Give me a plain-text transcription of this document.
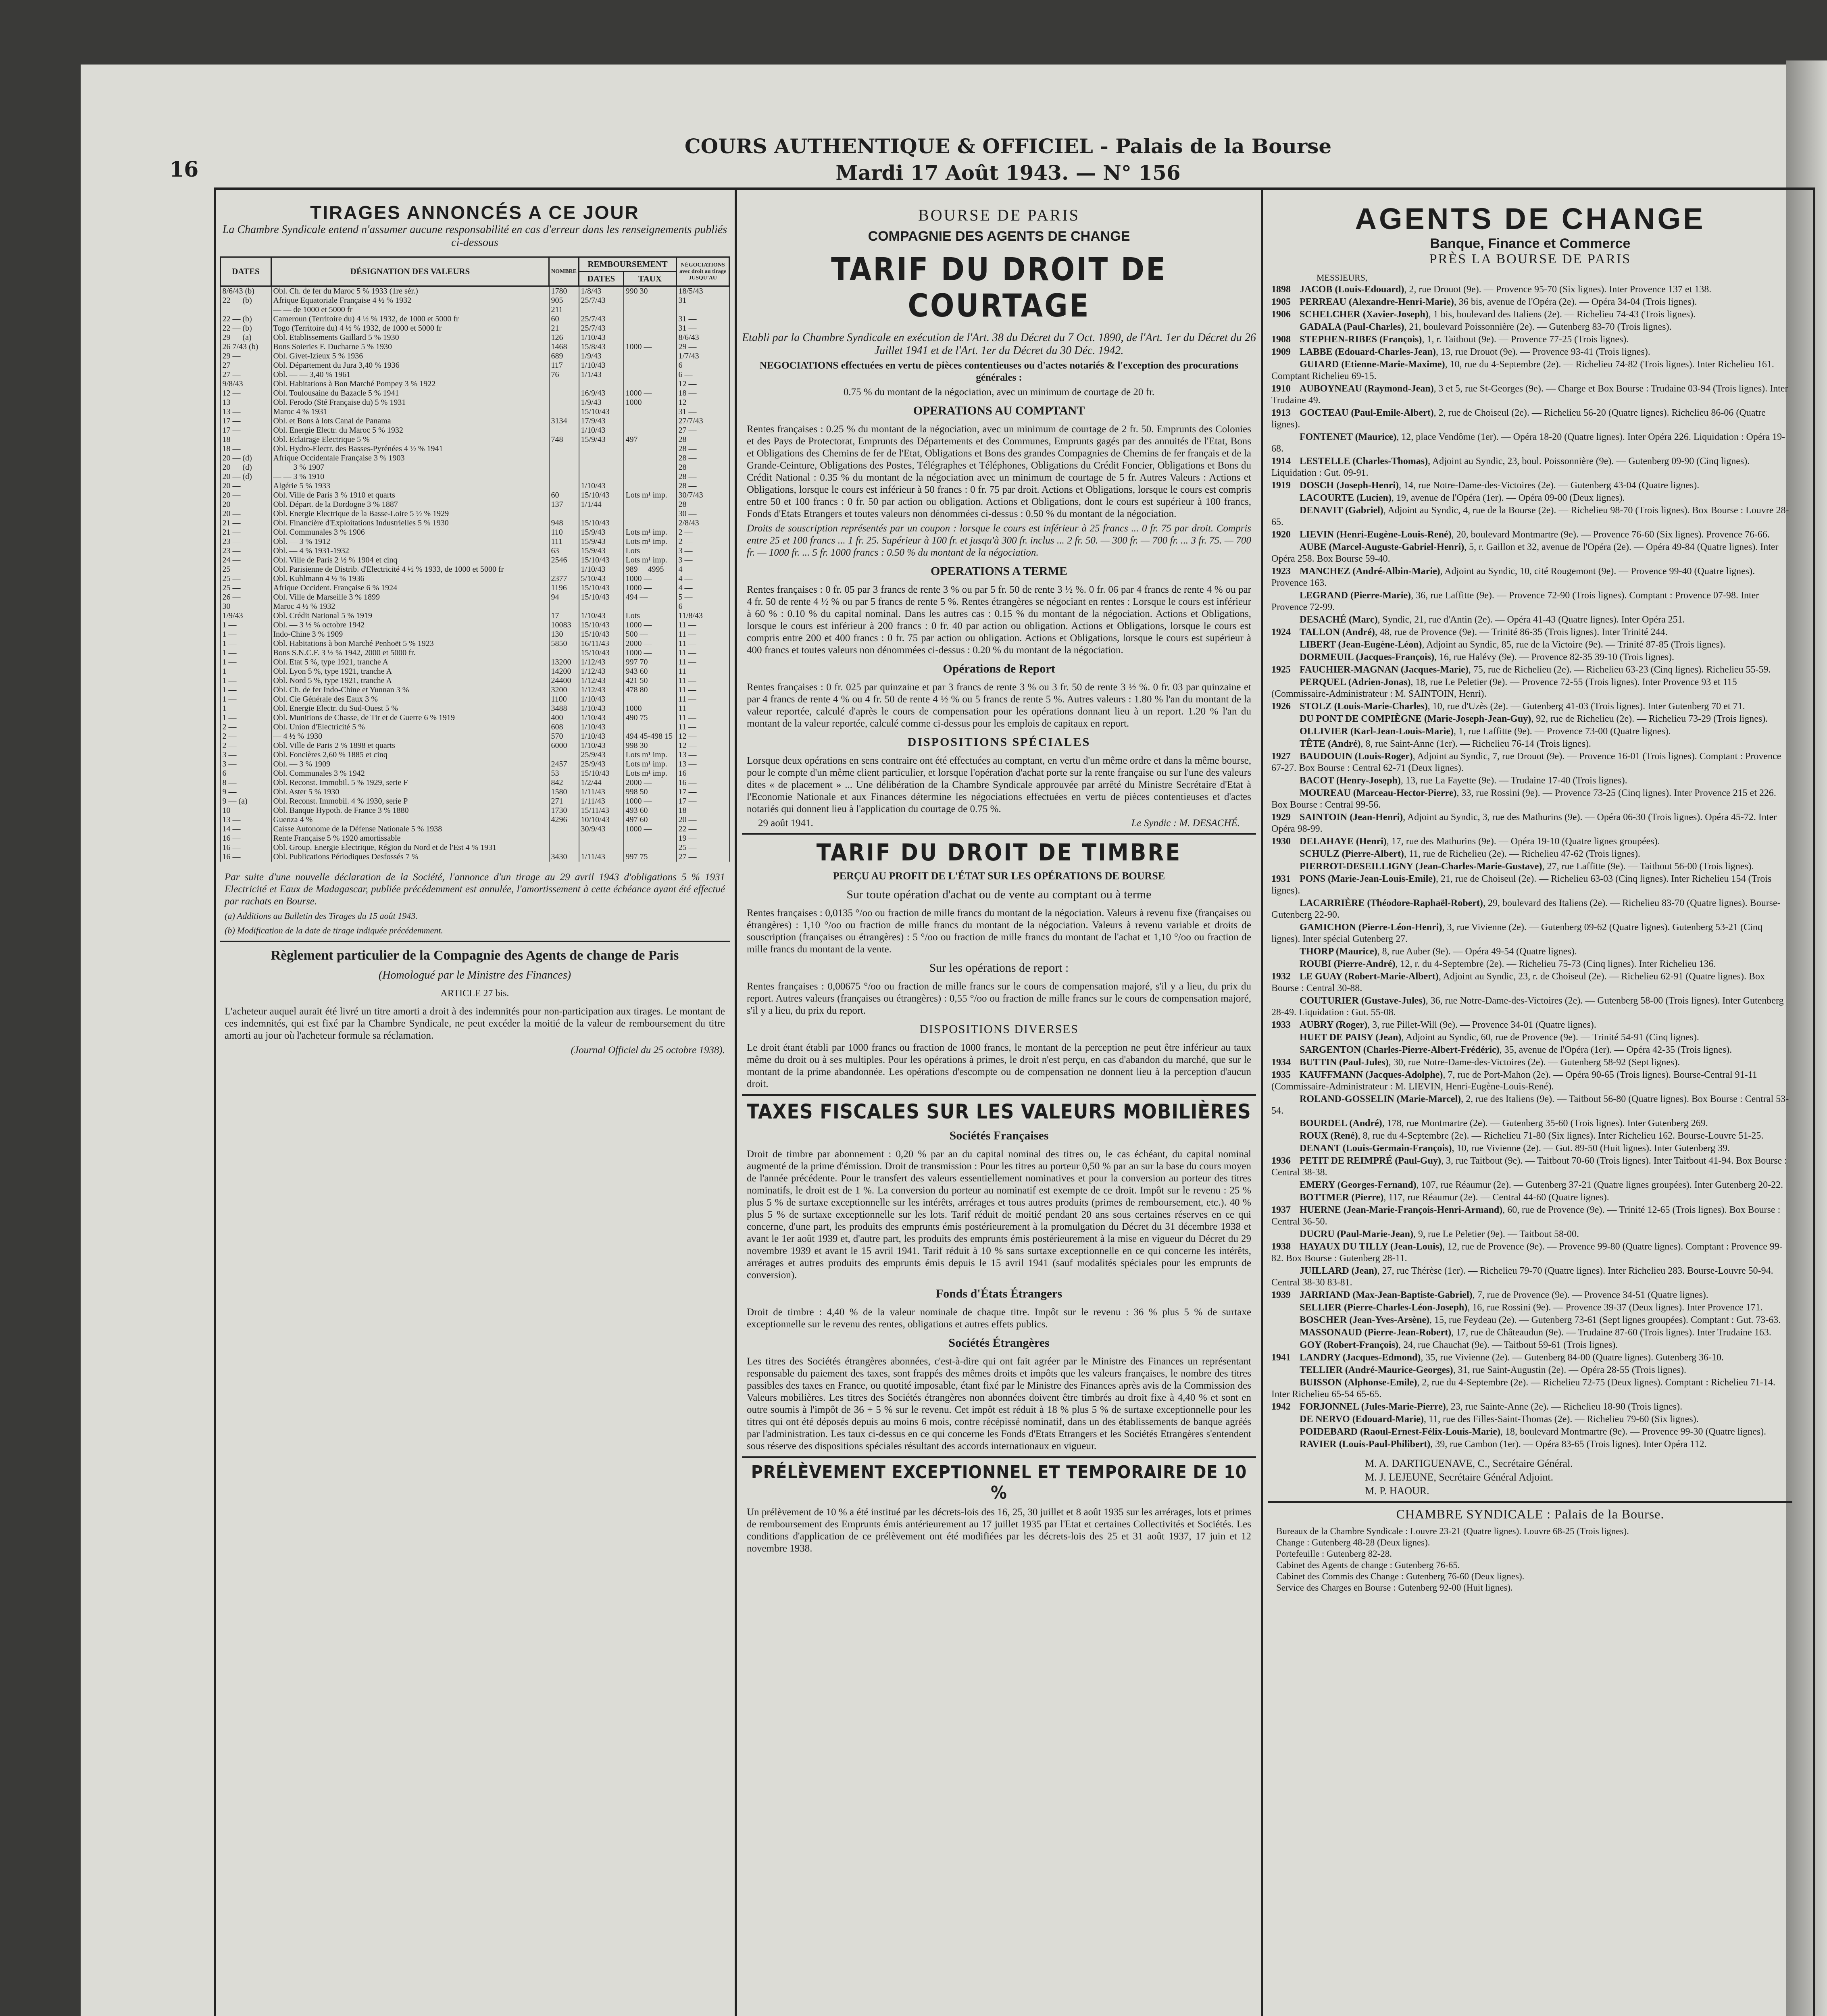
16
COURS AUTHENTIQUE & OFFICIEL - Palais de la Bourse
Mardi 17 Août 1943. — N° 156
TIRAGES ANNONCÉS A CE JOUR
La Chambre Syndicale entend n'assumer aucune responsabilité en cas d'erreur dans les renseignements publiés ci-dessous
DATES	DÉSIGNATION DES VALEURS	NOMBRE	REMBOURSEMENT		NÉGOCIATIONS avec droit au tirage JUSQU'AU
			DATES	TAUX	
8/6/43 (b)	Obl. Ch. de fer du Maroc 5 % 1933 (1re sér.)	1780	1/8/43	990 30	18/5/43
22 — (b)	Afrique Equatoriale Française 4 ½ % 1932	905	25/7/43		31 —
	— — de 1000 et 5000 fr	211			
22 — (b)	Cameroun (Territoire du) 4 ½ % 1932, de 1000 et 5000 fr	60	25/7/43		31 —
22 — (b)	Togo (Territoire du) 4 ½ % 1932, de 1000 et 5000 fr	21	25/7/43		31 —
29 — (a)	Obl. Etablissements Gaillard 5 % 1930	126	1/10/43		8/6/43
26 7/43 (b)	Bons Soieries F. Ducharne 5 % 1930	1468	15/8/43	1000 —	29 —
29 —	Obl. Givet-Izieux 5 % 1936	689	1/9/43		1/7/43
27 —	Obl. Département du Jura 3,40 % 1936	117	1/10/43		6 —
27 —	Obl. — — 3,40 % 1961	76	1/1/43		6 —
9/8/43	Obl. Habitations à Bon Marché Pompey 3 % 1922				12 —
12 —	Obl. Toulousaine du Bazacle 5 % 1941		16/9/43	1000 —	18 —
13 —	Obl. Ferodo (Sté Française du) 5 % 1931		1/9/43	1000 —	12 —
13 —	Maroc 4 % 1931		15/10/43		31 —
17 —	Obl. et Bons à lots Canal de Panama	3134	17/9/43		27/7/43
17 —	Obl. Energie Electr. du Maroc 5 % 1932		1/10/43		27 —
18 —	Obl. Eclairage Electrique 5 %	748	15/9/43	497 —	28 —
18 —	Obl. Hydro-Electr. des Basses-Pyrénées 4 ½ % 1941				28 —
20 — (d)	Afrique Occidentale Française 3 % 1903				28 —
20 — (d)	— — 3 % 1907				28 —
20 — (d)	— — 3 % 1910				28 —
20 —	Algérie 5 % 1933		1/10/43		28 —
20 —	Obl. Ville de Paris 3 % 1910 et quarts	60	15/10/43	Lots m¹ imp.	30/7/43
20 —	Obl. Départ. de la Dordogne 3 % 1887	137	1/1/44		28 —
20 —	Obl. Energie Electrique de la Basse-Loire 5 ½ % 1929				30 —
21 —	Obl. Financière d'Exploitations Industrielles 5 % 1930	948	15/10/43		2/8/43
21 —	Obl. Communales 3 % 1906	110	15/9/43	Lots m¹ imp.	2 —
23 —	Obl. — 3 % 1912	111	15/9/43	Lots m¹ imp.	2 —
23 —	Obl. — 4 % 1931-1932	63	15/9/43	Lots	3 —
24 —	Obl. Ville de Paris 2 ½ % 1904 et cinq	2546	15/10/43	Lots m¹ imp.	3 —
25 —	Obl. Parisienne de Distrib. d'Electricité 4 ½ % 1933, de 1000 et 5000 fr		1/10/43	989 —4995 —	4 —
25 —	Obl. Kuhlmann 4 ½ % 1936	2377	5/10/43	1000 —	4 —
25 —	Afrique Occident. Française 6 % 1924	1196	15/10/43	1000 —	4 —
26 —	Obl. Ville de Marseille 3 % 1899	94	15/10/43	494 —	5 —
30 —	Maroc 4 ½ % 1932				6 —
1/9/43	Obl. Crédit National 5 % 1919	17	1/10/43	Lots	11/8/43
1 —	Obl. — 3 ½ % octobre 1942	10083	15/10/43	1000 —	11 —
1 —	Indo-Chine 3 % 1909	130	15/10/43	500 —	11 —
1 —	Obl. Habitations à bon Marché Penhoët 5 % 1923	5850	16/11/43	2000 —	11 —
1 —	Bons S.N.C.F. 3 ½ % 1942, 2000 et 5000 fr.		15/10/43	1000 —	11 —
1 —	Obl. Etat 5 %, type 1921, tranche A	13200	1/12/43	997 70	11 —
1 —	Obl. Lyon 5 %, type 1921, tranche A	14200	1/12/43	943 60	11 —
1 —	Obl. Nord 5 %, type 1921, tranche A	24400	1/12/43	421 50	11 —
1 —	Obl. Ch. de fer Indo-Chine et Yunnan 3 %	3200	1/12/43	478 80	11 —
1 —	Obl. Cie Générale des Eaux 3 %	1100	1/10/43		11 —
1 —	Obl. Energie Electr. du Sud-Ouest 5 %	3488	1/10/43	1000 —	11 —
1 —	Obl. Munitions de Chasse, de Tir et de Guerre 6 % 1919	400	1/10/43	490 75	11 —
2 —	Obl. Union d'Electricité 5 %	608	1/10/43		11 —
2 —	— 4 ½ % 1930	570	1/10/43	494 45-498 15	12 —
2 —	Obl. Ville de Paris 2 % 1898 et quarts	6000	1/10/43	998 30	12 —
3 —	Obl. Foncières 2,60 % 1885 et cinq		25/9/43	Lots m¹ imp.	13 —
3 —	Obl. — 3 % 1909	2457	25/9/43	Lots m¹ imp.	13 —
6 —	Obl. Communales 3 % 1942	53	15/10/43	Lots m¹ imp.	16 —
8 —	Obl. Reconst. Immobil. 5 % 1929, serie F	842	1/2/44	2000 —	16 —
9 —	Obl. Aster 5 % 1930	1580	1/11/43	998 50	17 —
9 — (a)	Obl. Reconst. Immobil. 4 % 1930, serie P	271	1/11/43	1000 —	17 —
10 —	Obl. Banque Hypoth. de France 3 % 1880	1730	15/11/43	493 60	18 —
13 —	Guenza 4 %	4296	10/10/43	497 60	20 —
14 —	Caisse Autonome de la Défense Nationale 5 % 1938		30/9/43	1000 —	22 —
16 —	Rente Française 5 % 1920 amortissable				19 —
16 —	Obl. Group. Energie Electrique, Région du Nord et de l'Est 4 % 1931				25 —
16 —	Obl. Publications Périodiques Desfossés 7 %	3430	1/11/43	997 75	27 —
Par suite d'une nouvelle déclaration de la Société, l'annonce d'un tirage au 29 avril 1943 d'obligations 5 % 1931 Electricité et Eaux de Madagascar, publiée précédemment est annulée, l'amortissement à cette échéance ayant été effectué par rachats en Bourse.
(a) Additions au Bulletin des Tirages du 15 août 1943.
(b) Modification de la date de tirage indiquée précédemment.
Règlement particulier de la Compagnie des Agents de change de Paris
(Homologué par le Ministre des Finances)
ARTICLE 27 bis.
L'acheteur auquel aurait été livré un titre amorti a droit à des indemnités pour non-participation aux tirages. Le montant de ces indemnités, qui est fixé par la Chambre Syndicale, ne peut excéder la moitié de la valeur de remboursement du titre amorti au jour où l'acheteur formule sa réclamation.
(Journal Officiel du 25 octobre 1938).
BOURSE DE PARIS
COMPAGNIE DES AGENTS DE CHANGE
TARIF DU DROIT DE COURTAGE
Etabli par la Chambre Syndicale en exécution de l'Art. 38 du Décret du 7 Oct. 1890, de l'Art. 1er du Décret du 26 Juillet 1941 et de l'Art. 1er du Décret du 30 Déc. 1942.
NEGOCIATIONS effectuées en vertu de pièces contentieuses ou d'actes notariés & l'exception des procurations générales :
0.75 % du montant de la négociation, avec un minimum de courtage de 20 fr.
OPERATIONS AU COMPTANT
Rentes françaises : 0.25 % du montant de la négociation, avec un minimum de courtage de 2 fr. 50. Emprunts des Colonies et des Pays de Protectorat, Emprunts des Départements et des Communes, Emprunts gagés par des annuités de l'Etat, Bons et Obligations des Chemins de fer de l'Etat, Obligations et Bons des grandes Compagnies de Chemins de fer français et de la Grande-Ceinture, Obligations des Postes, Télégraphes et Téléphones, Obligations du Crédit Foncier, Obligations et Bons du Crédit National : 0.35 % du montant de la négociation avec un minimum de courtage de 5 fr. Autres Valeurs : Actions et Obligations, lorsque le cours est inférieur à 50 francs : 0 fr. 75 par droit. Actions et Obligations, lorsque le cours est compris entre 50 et 100 francs : 0 fr. 50 par action ou obligation. Actions et Obligations, dont le cours est supérieur à 100 francs, Fonds d'Etats Etrangers et toutes valeurs non dénommées ci-dessus : 0.50 % du montant de la négociation.
Droits de souscription représentés par un coupon : lorsque le cours est inférieur à 25 francs ... 0 fr. 75 par droit. Compris entre 25 et 100 francs ... 1 fr. 25. Supérieur à 100 fr. et jusqu'à 300 fr. inclus ... 2 fr. 50. — 300 fr. — 700 fr. ... 3 fr. 75. — 700 fr. — 1000 fr. ... 5 fr. 1000 francs : 0.50 % du montant de la négociation.
OPERATIONS A TERME
Rentes françaises : 0 fr. 05 par 3 francs de rente 3 % ou par 5 fr. 50 de rente 3 ½ %. 0 fr. 06 par 4 francs de rente 4 % ou par 4 fr. 50 de rente 4 ½ % ou par 5 francs de rente 5 %. Rentes étrangères se négociant en rentes : Lorsque le cours est inférieur à 60 % : 0.10 % du capital nominal. Dans les autres cas : 0.15 % du montant de la négociation. Actions et Obligations, lorsque le cours est inférieur à 200 francs : 0 fr. 40 par action ou obligation. Actions et Obligations, lorsque le cours est compris entre 200 et 400 francs : 0 fr. 75 par action ou obligation. Actions et Obligations, lorsque le cours est supérieur à 400 francs et toutes valeurs non dénommées ci-dessus : 0.20 % du montant de la négociation.
Opérations de Report
Rentes françaises : 0 fr. 025 par quinzaine et par 3 francs de rente 3 % ou 3 fr. 50 de rente 3 ½ %. 0 fr. 03 par quinzaine et par 4 francs de rente 4 % ou 4 fr. 50 de rente 4 ½ % ou 5 francs de rente 5 %. Autres valeurs : 1.80 % l'an du montant de la valeur reportée, calculé d'après le cours de compensation pour les opérations donnant lieu à un report. 1.20 % l'an du montant de la valeur reportée, calculé comme ci-dessus pour les emplois de capitaux en report.
DISPOSITIONS SPÉCIALES
Lorsque deux opérations en sens contraire ont été effectuées au comptant, en vertu d'un même ordre et dans la même bourse, pour le compte d'un même client particulier, et lorsque l'opération d'achat porte sur la rente française ou sur l'une des valeurs dites « de placement » ... Une délibération de la Chambre Syndicale approuvée par arrêté du Ministre Secrétaire d'Etat à l'Economie Nationale et aux Finances détermine les négociations effectuées en vertu de pièces contentieuses et d'actes notariés qui donnent lieu à l'application du courtage de 0.75 %.
29 août 1941.	Le Syndic : M. DESACHÉ.
TARIF DU DROIT DE TIMBRE
PERÇU AU PROFIT DE L'ÉTAT SUR LES OPÉRATIONS DE BOURSE
Sur toute opération d'achat ou de vente au comptant ou à terme
Rentes françaises : 0,0135 °/oo ou fraction de mille francs du montant de la négociation. Valeurs à revenu fixe (françaises ou étrangères) : 1,10 °/oo ou fraction de mille francs du montant de la négociation. Valeurs à revenu variable et droits de souscription (françaises ou étrangères) : 5 °/oo ou fraction de mille francs du montant de l'achat et 1,10 °/oo ou fraction de mille francs du montant de la vente.
Sur les opérations de report :
Rentes françaises : 0,00675 °/oo ou fraction de mille francs sur le cours de compensation majoré, s'il y a lieu, du prix du report. Autres valeurs (françaises ou étrangères) : 0,55 °/oo ou fraction de mille francs sur le cours de compensation majoré, s'il y a lieu, du prix du report.
DISPOSITIONS DIVERSES
Le droit étant établi par 1000 francs ou fraction de 1000 francs, le montant de la perception ne peut être inférieur au taux même du droit ou à ses multiples. Pour les opérations à primes, le droit n'est perçu, en cas d'abandon du marché, que sur le montant de la prime abandonnée. Les opérations d'escompte ou de compensation ne donnent lieu à la perception d'aucun droit.
TAXES FISCALES SUR LES VALEURS MOBILIÈRES
Sociétés Françaises
Droit de timbre par abonnement : 0,20 % par an du capital nominal des titres ou, le cas échéant, du capital nominal augmenté de la prime d'émission. Droit de transmission : Pour les titres au porteur 0,50 % par an sur la base du cours moyen de l'année précédente. Pour le transfert des valeurs essentiellement nominatives et pour la conversion au porteur des titres nominatifs, le droit est de 1 %. La conversion du porteur au nominatif est exempte de ce droit. Impôt sur le revenu : 25 % plus 5 % de surtaxe exceptionnelle sur les intérêts, arrérages et tous autres produits (primes de remboursement, etc.). 40 % plus 5 % de surtaxe exceptionnelle sur les lots. Tarif réduit de moitié pendant 20 ans sous certaines réserves en ce qui concerne, d'une part, les produits des emprunts émis postérieurement à la promulgation du Décret du 31 décembre 1938 et avant le 1er août 1939 et, d'autre part, les produits des emprunts émis postérieurement à la mise en vigueur du Décret du 29 novembre 1939 et avant le 15 avril 1941. Tarif réduit à 10 % sans surtaxe exceptionnelle en ce qui concerne les intérêts, arrérages et autres produits des emprunts émis depuis le 15 avril 1941 (sauf modalités spéciales pour les emprunts de conversion).
Fonds d'États Étrangers
Droit de timbre : 4,40 % de la valeur nominale de chaque titre. Impôt sur le revenu : 36 % plus 5 % de surtaxe exceptionnelle sur le revenu des rentes, obligations et autres effets publics.
Sociétés Étrangères
Les titres des Sociétés étrangères abonnées, c'est-à-dire qui ont fait agréer par le Ministre des Finances un représentant responsable du paiement des taxes, sont frappés des mêmes droits et impôts que les valeurs françaises, le nombre des titres passibles des taxes en France, ou quotité imposable, étant fixé par le Ministre des Finances après avis de la Commission des Valeurs mobilières. Les titres des Sociétés étrangères non abonnées doivent être timbrés au droit fixe à 4,40 % et sont en outre soumis à l'impôt de 36 + 5 % sur le revenu. Cet impôt est réduit à 18 % plus 5 % de surtaxe exceptionnelle pour les titres qui ont été déposés depuis au moins 6 mois, contre récépissé nominatif, dans un des établissements de banque agréés par l'administration. Les taux ci-dessus en ce qui concerne les Fonds d'Etats Etrangers et les Sociétés Etrangères s'entendent sous réserve des dispositions spéciales résultant des accords internationaux en vigueur.
PRÉLÈVEMENT EXCEPTIONNEL ET TEMPORAIRE DE 10 %
Un prélèvement de 10 % a été institué par les décrets-lois des 16, 25, 30 juillet et 8 août 1935 sur les arrérages, lots et primes de remboursement des Emprunts émis antérieurement au 17 juillet 1935 par l'Etat et certaines Collectivités et Sociétés. Les conditions d'application de ce prélèvement ont été modifiées par les décrets-lois des 25 et 31 août 1937, 17 juin et 12 novembre 1938.
AGENTS DE CHANGE
Banque, Finance et Commerce
PRÈS LA BOURSE DE PARIS
MESSIEURS,
1898 JACOB (Louis-Edouard), 2, rue Drouot (9e). — Provence 95-70 (Six lignes). Inter Provence 137 et 138.
1905 PERREAU (Alexandre-Henri-Marie), 36 bis, avenue de l'Opéra (2e). — Opéra 34-04 (Trois lignes).
1906 SCHELCHER (Xavier-Joseph), 1 bis, boulevard des Italiens (2e). — Richelieu 74-43 (Trois lignes).
GADALA (Paul-Charles), 21, boulevard Poissonnière (2e). — Gutenberg 83-70 (Trois lignes).
1908 STEPHEN-RIBES (François), 1, r. Taitbout (9e). — Provence 77-25 (Trois lignes).
1909 LABBE (Edouard-Charles-Jean), 13, rue Drouot (9e). — Provence 93-41 (Trois lignes).
GUIARD (Etienne-Marie-Maxime), 10, rue du 4-Septembre (2e). — Richelieu 74-82 (Trois lignes). Inter Richelieu 161. Comptant Richelieu 69-15.
1910 AUBOYNEAU (Raymond-Jean), 3 et 5, rue St-Georges (9e). — Charge et Box Bourse : Trudaine 03-94 (Trois lignes). Inter Trudaine 49.
1913 GOCTEAU (Paul-Emile-Albert), 2, rue de Choiseul (2e). — Richelieu 56-20 (Quatre lignes). Richelieu 86-06 (Quatre lignes).
FONTENET (Maurice), 12, place Vendôme (1er). — Opéra 18-20 (Quatre lignes). Inter Opéra 226. Liquidation : Opéra 19-68.
1914 LESTELLE (Charles-Thomas), Adjoint au Syndic, 23, boul. Poissonnière (9e). — Gutenberg 09-90 (Cinq lignes). Liquidation : Gut. 09-91.
1919 DOSCH (Joseph-Henri), 14, rue Notre-Dame-des-Victoires (2e). — Gutenberg 43-04 (Quatre lignes).
LACOURTE (Lucien), 19, avenue de l'Opéra (1er). — Opéra 09-00 (Deux lignes).
DENAVIT (Gabriel), Adjoint au Syndic, 4, rue de la Bourse (2e). — Richelieu 98-70 (Trois lignes). Box Bourse : Louvre 28-65.
1920 LIEVIN (Henri-Eugène-Louis-René), 20, boulevard Montmartre (9e). — Provence 76-60 (Six lignes). Provence 76-66.
AUBE (Marcel-Auguste-Gabriel-Henri), 5, r. Gaillon et 32, avenue de l'Opéra (2e). — Opéra 49-84 (Quatre lignes). Inter Opéra 258. Box Bourse 59-40.
1923 MANCHEZ (André-Albin-Marie), Adjoint au Syndic, 10, cité Rougemont (9e). — Provence 99-40 (Quatre lignes). Provence 163.
LEGRAND (Pierre-Marie), 36, rue Laffitte (9e). — Provence 72-90 (Trois lignes). Comptant : Provence 07-98. Inter Provence 72-99.
DESACHÉ (Marc), Syndic, 21, rue d'Antin (2e). — Opéra 41-43 (Quatre lignes). Inter Opéra 251.
1924 TALLON (André), 48, rue de Provence (9e). — Trinité 86-35 (Trois lignes). Inter Trinité 244.
LIBERT (Jean-Eugène-Léon), Adjoint au Syndic, 85, rue de la Victoire (9e). — Trinité 87-85 (Trois lignes).
DORMEUIL (Jacques-François), 16, rue Halévy (9e). — Provence 82-35 39-10 (Trois lignes).
1925 FAUCHIER-MAGNAN (Jacques-Marie), 75, rue de Richelieu (2e). — Richelieu 63-23 (Cinq lignes). Richelieu 55-59.
PERQUEL (Adrien-Jonas), 18, rue Le Peletier (9e). — Provence 72-55 (Trois lignes). Inter Provence 93 et 115 (Commissaire-Administrateur : M. SAINTOIN, Henri).
1926 STOLZ (Louis-Marie-Charles), 10, rue d'Uzès (2e). — Gutenberg 41-03 (Trois lignes). Inter Gutenberg 70 et 71.
DU PONT DE COMPIÈGNE (Marie-Joseph-Jean-Guy), 92, rue de Richelieu (2e). — Richelieu 73-29 (Trois lignes).
OLLIVIER (Karl-Jean-Louis-Marie), 1, rue Laffitte (9e). — Provence 73-00 (Quatre lignes).
TÊTE (André), 8, rue Saint-Anne (1er). — Richelieu 76-14 (Trois lignes).
1927 BAUDOUIN (Louis-Roger), Adjoint au Syndic, 7, rue Drouot (9e). — Provence 16-01 (Trois lignes). Comptant : Provence 67-27. Box Bourse : Central 62-71 (Deux lignes).
BACOT (Henry-Joseph), 13, rue La Fayette (9e). — Trudaine 17-40 (Trois lignes).
MOUREAU (Marceau-Hector-Pierre), 33, rue Rossini (9e). — Provence 73-25 (Cinq lignes). Inter Provence 215 et 226. Box Bourse : Central 99-56.
1929 SAINTOIN (Jean-Henri), Adjoint au Syndic, 3, rue des Mathurins (9e). — Opéra 06-30 (Trois lignes). Opéra 45-72. Inter Opéra 98-99.
1930 DELAHAYE (Henri), 17, rue des Mathurins (9e). — Opéra 19-10 (Quatre lignes groupées).
SCHULZ (Pierre-Albert), 11, rue de Richelieu (2e). — Richelieu 47-62 (Trois lignes).
PIERROT-DESEILLIGNY (Jean-Charles-Marie-Gustave), 27, rue Laffitte (9e). — Taitbout 56-00 (Trois lignes).
1931 PONS (Marie-Jean-Louis-Emile), 21, rue de Choiseul (2e). — Richelieu 63-03 (Cinq lignes). Inter Richelieu 154 (Trois lignes).
LACARRIÈRE (Théodore-Raphaël-Robert), 29, boulevard des Italiens (2e). — Richelieu 83-70 (Quatre lignes). Bourse-Gutenberg 22-90.
GAMICHON (Pierre-Léon-Henri), 3, rue Vivienne (2e). — Gutenberg 09-62 (Quatre lignes). Gutenberg 53-21 (Cinq lignes). Inter spécial Gutenberg 27.
THORP (Maurice), 8, rue Auber (9e). — Opéra 49-54 (Quatre lignes).
ROUBI (Pierre-André), 12, r. du 4-Septembre (2e). — Richelieu 75-73 (Cinq lignes). Inter Richelieu 136.
1932 LE GUAY (Robert-Marie-Albert), Adjoint au Syndic, 23, r. de Choiseul (2e). — Richelieu 62-91 (Quatre lignes). Box Bourse : Central 30-88.
COUTURIER (Gustave-Jules), 36, rue Notre-Dame-des-Victoires (2e). — Gutenberg 58-00 (Trois lignes). Inter Gutenberg 28-49. Liquidation : Gut. 55-08.
1933 AUBRY (Roger), 3, rue Pillet-Will (9e). — Provence 34-01 (Quatre lignes).
HUET DE PAISY (Jean), Adjoint au Syndic, 60, rue de Provence (9e). — Trinité 54-91 (Cinq lignes).
SARGENTON (Charles-Pierre-Albert-Frédéric), 35, avenue de l'Opéra (1er). — Opéra 42-35 (Trois lignes).
1934 BUTTIN (Paul-Jules), 30, rue Notre-Dame-des-Victoires (2e). — Gutenberg 58-92 (Sept lignes).
1935 KAUFFMANN (Jacques-Adolphe), 7, rue de Port-Mahon (2e). — Opéra 90-65 (Trois lignes). Bourse-Central 91-11 (Commissaire-Administrateur : M. LIEVIN, Henri-Eugène-Louis-René).
ROLAND-GOSSELIN (Marie-Marcel), 2, rue des Italiens (9e). — Taitbout 56-80 (Quatre lignes). Box Bourse : Central 53-54.
BOURDEL (André), 178, rue Montmartre (2e). — Gutenberg 35-60 (Trois lignes). Inter Gutenberg 269.
ROUX (René), 8, rue du 4-Septembre (2e). — Richelieu 71-80 (Six lignes). Inter Richelieu 162. Bourse-Louvre 51-25.
DENANT (Louis-Germain-François), 10, rue Vivienne (2e). — Gut. 89-50 (Huit lignes). Inter Gutenberg 39.
1936 PETIT DE REIMPRÉ (Paul-Guy), 3, rue Taitbout (9e). — Taitbout 70-60 (Trois lignes). Inter Taitbout 41-94. Box Bourse : Central 38-38.
EMERY (Georges-Fernand), 107, rue Réaumur (2e). — Gutenberg 37-21 (Quatre lignes groupées). Inter Gutenberg 20-22.
BOTTMER (Pierre), 117, rue Réaumur (2e). — Central 44-60 (Quatre lignes).
1937 HUERNE (Jean-Marie-François-Henri-Armand), 60, rue de Provence (9e). — Trinité 12-65 (Trois lignes). Box Bourse : Central 36-50.
DUCRU (Paul-Marie-Jean), 9, rue Le Peletier (9e). — Taitbout 58-00.
1938 HAYAUX DU TILLY (Jean-Louis), 12, rue de Provence (9e). — Provence 99-80 (Quatre lignes). Comptant : Provence 99-82. Box Bourse : Gutenberg 28-11.
JUILLARD (Jean), 27, rue Thérèse (1er). — Richelieu 79-70 (Quatre lignes). Inter Richelieu 283. Bourse-Louvre 50-94. Central 38-30 83-81.
1939 JARRIAND (Max-Jean-Baptiste-Gabriel), 7, rue de Provence (9e). — Provence 34-51 (Quatre lignes).
SELLIER (Pierre-Charles-Léon-Joseph), 16, rue Rossini (9e). — Provence 39-37 (Deux lignes). Inter Provence 171.
BOSCHER (Jean-Yves-Arsène), 15, rue Feydeau (2e). — Gutenberg 73-61 (Sept lignes groupées). Comptant : Gut. 73-63.
MASSONAUD (Pierre-Jean-Robert), 17, rue de Châteaudun (9e). — Trudaine 87-60 (Trois lignes). Inter Trudaine 163.
GOY (Robert-François), 24, rue Chauchat (9e). — Taitbout 59-61 (Trois lignes).
1941 LANDRY (Jacques-Edmond), 35, rue Vivienne (2e). — Gutenberg 84-00 (Quatre lignes). Gutenberg 36-10.
TELLIER (André-Maurice-Georges), 31, rue Saint-Augustin (2e). — Opéra 28-55 (Trois lignes).
BUISSON (Alphonse-Emile), 2, rue du 4-Septembre (2e). — Richelieu 72-75 (Deux lignes). Comptant : Richelieu 71-14. Inter Richelieu 65-54 65-65.
1942 FORJONNEL (Jules-Marie-Pierre), 23, rue Sainte-Anne (2e). — Richelieu 18-90 (Trois lignes).
DE NERVO (Edouard-Marie), 11, rue des Filles-Saint-Thomas (2e). — Richelieu 79-60 (Six lignes).
POIDEBARD (Raoul-Ernest-Félix-Louis-Marie), 18, boulevard Montmartre (9e). — Provence 99-30 (Quatre lignes).
RAVIER (Louis-Paul-Philibert), 39, rue Cambon (1er). — Opéra 83-65 (Trois lignes). Inter Opéra 112.
M. A. DARTIGUENAVE, C., Secrétaire Général.
M. J. LEJEUNE, Secrétaire Général Adjoint.
M. P. HAOUR.
CHAMBRE SYNDICALE : Palais de la Bourse.
Bureaux de la Chambre Syndicale : Louvre 23-21 (Quatre lignes). Louvre 68-25 (Trois lignes).
Change : Gutenberg 48-28 (Deux lignes).
Portefeuille : Gutenberg 82-28.
Cabinet des Agents de change : Gutenberg 76-65.
Cabinet des Commis des Change : Gutenberg 76-60 (Deux lignes).
Service des Charges en Bourse : Gutenberg 92-00 (Huit lignes).
